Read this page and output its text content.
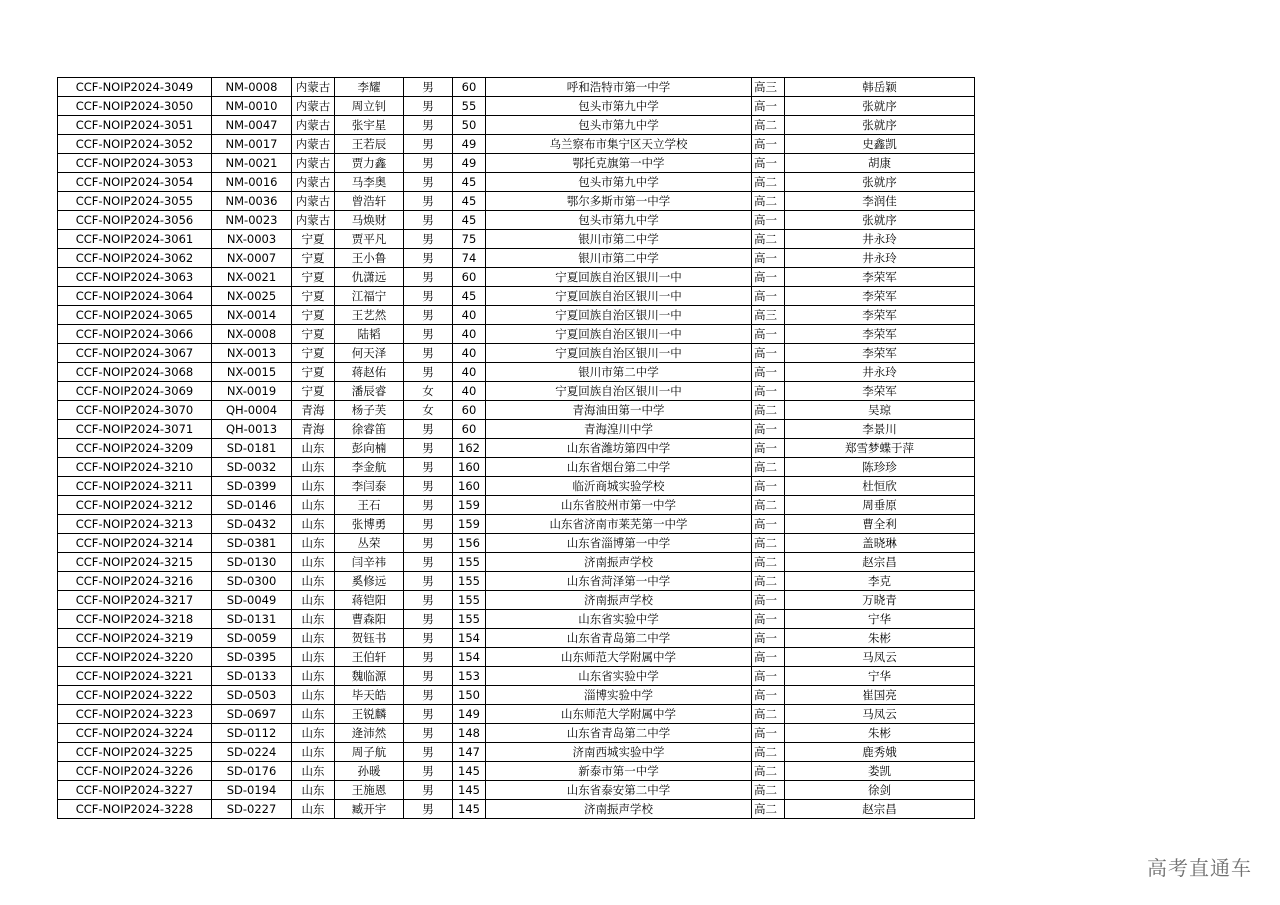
CCF-NOIP2024-3049	NM-0008	内蒙古	李耀	男	60	呼和浩特市第一中学	高三	韩岳颖
CCF-NOIP2024-3050	NM-0010	内蒙古	周立钊	男	55	包头市第九中学	高一	张就序
CCF-NOIP2024-3051	NM-0047	内蒙古	张宇星	男	50	包头市第九中学	高二	张就序
CCF-NOIP2024-3052	NM-0017	内蒙古	王若辰	男	49	乌兰察布市集宁区天立学校	高一	史鑫凯
CCF-NOIP2024-3053	NM-0021	内蒙古	贾力鑫	男	49	鄂托克旗第一中学	高一	胡康
CCF-NOIP2024-3054	NM-0016	内蒙古	马李奥	男	45	包头市第九中学	高二	张就序
CCF-NOIP2024-3055	NM-0036	内蒙古	曾浩轩	男	45	鄂尔多斯市第一中学	高二	李润佳
CCF-NOIP2024-3056	NM-0023	内蒙古	马焕财	男	45	包头市第九中学	高一	张就序
CCF-NOIP2024-3061	NX-0003	宁夏	贾平凡	男	75	银川市第二中学	高二	井永玲
CCF-NOIP2024-3062	NX-0007	宁夏	王小鲁	男	74	银川市第二中学	高一	井永玲
CCF-NOIP2024-3063	NX-0021	宁夏	仇潇远	男	60	宁夏回族自治区银川一中	高一	李荣军
CCF-NOIP2024-3064	NX-0025	宁夏	江福宁	男	45	宁夏回族自治区银川一中	高一	李荣军
CCF-NOIP2024-3065	NX-0014	宁夏	王艺然	男	40	宁夏回族自治区银川一中	高三	李荣军
CCF-NOIP2024-3066	NX-0008	宁夏	陆韬	男	40	宁夏回族自治区银川一中	高一	李荣军
CCF-NOIP2024-3067	NX-0013	宁夏	何天泽	男	40	宁夏回族自治区银川一中	高一	李荣军
CCF-NOIP2024-3068	NX-0015	宁夏	蒋赵佑	男	40	银川市第二中学	高一	井永玲
CCF-NOIP2024-3069	NX-0019	宁夏	潘辰睿	女	40	宁夏回族自治区银川一中	高一	李荣军
CCF-NOIP2024-3070	QH-0004	青海	杨子芙	女	60	青海油田第一中学	高二	吴琼
CCF-NOIP2024-3071	QH-0013	青海	徐睿笛	男	60	青海湟川中学	高一	李景川
CCF-NOIP2024-3209	SD-0181	山东	彭向楠	男	162	山东省潍坊第四中学	高一	郑雪梦蝶于萍
CCF-NOIP2024-3210	SD-0032	山东	李金航	男	160	山东省烟台第二中学	高二	陈珍珍
CCF-NOIP2024-3211	SD-0399	山东	李闫泰	男	160	临沂商城实验学校	高一	杜恒欣
CCF-NOIP2024-3212	SD-0146	山东	王石	男	159	山东省胶州市第一中学	高二	周垂原
CCF-NOIP2024-3213	SD-0432	山东	张博勇	男	159	山东省济南市莱芜第一中学	高一	曹全利
CCF-NOIP2024-3214	SD-0381	山东	丛荣	男	156	山东省淄博第一中学	高二	盖晓琳
CCF-NOIP2024-3215	SD-0130	山东	闫辛祎	男	155	济南振声学校	高二	赵宗昌
CCF-NOIP2024-3216	SD-0300	山东	奚修远	男	155	山东省菏泽第一中学	高二	李克
CCF-NOIP2024-3217	SD-0049	山东	蒋铠阳	男	155	济南振声学校	高一	万晓青
CCF-NOIP2024-3218	SD-0131	山东	曹森阳	男	155	山东省实验中学	高一	宁华
CCF-NOIP2024-3219	SD-0059	山东	贺钰书	男	154	山东省青岛第二中学	高一	朱彬
CCF-NOIP2024-3220	SD-0395	山东	王伯轩	男	154	山东师范大学附属中学	高一	马凤云
CCF-NOIP2024-3221	SD-0133	山东	魏临源	男	153	山东省实验中学	高一	宁华
CCF-NOIP2024-3222	SD-0503	山东	毕天皓	男	150	淄博实验中学	高一	崔国亮
CCF-NOIP2024-3223	SD-0697	山东	王锐麟	男	149	山东师范大学附属中学	高二	马凤云
CCF-NOIP2024-3224	SD-0112	山东	逄沛然	男	148	山东省青岛第二中学	高一	朱彬
CCF-NOIP2024-3225	SD-0224	山东	周子航	男	147	济南西城实验中学	高二	鹿秀娥
CCF-NOIP2024-3226	SD-0176	山东	孙暖	男	145	新泰市第一中学	高二	娄凯
CCF-NOIP2024-3227	SD-0194	山东	王施恩	男	145	山东省泰安第二中学	高二	徐剑
CCF-NOIP2024-3228	SD-0227	山东	臧开宇	男	145	济南振声学校	高二	赵宗昌
高考直通车
